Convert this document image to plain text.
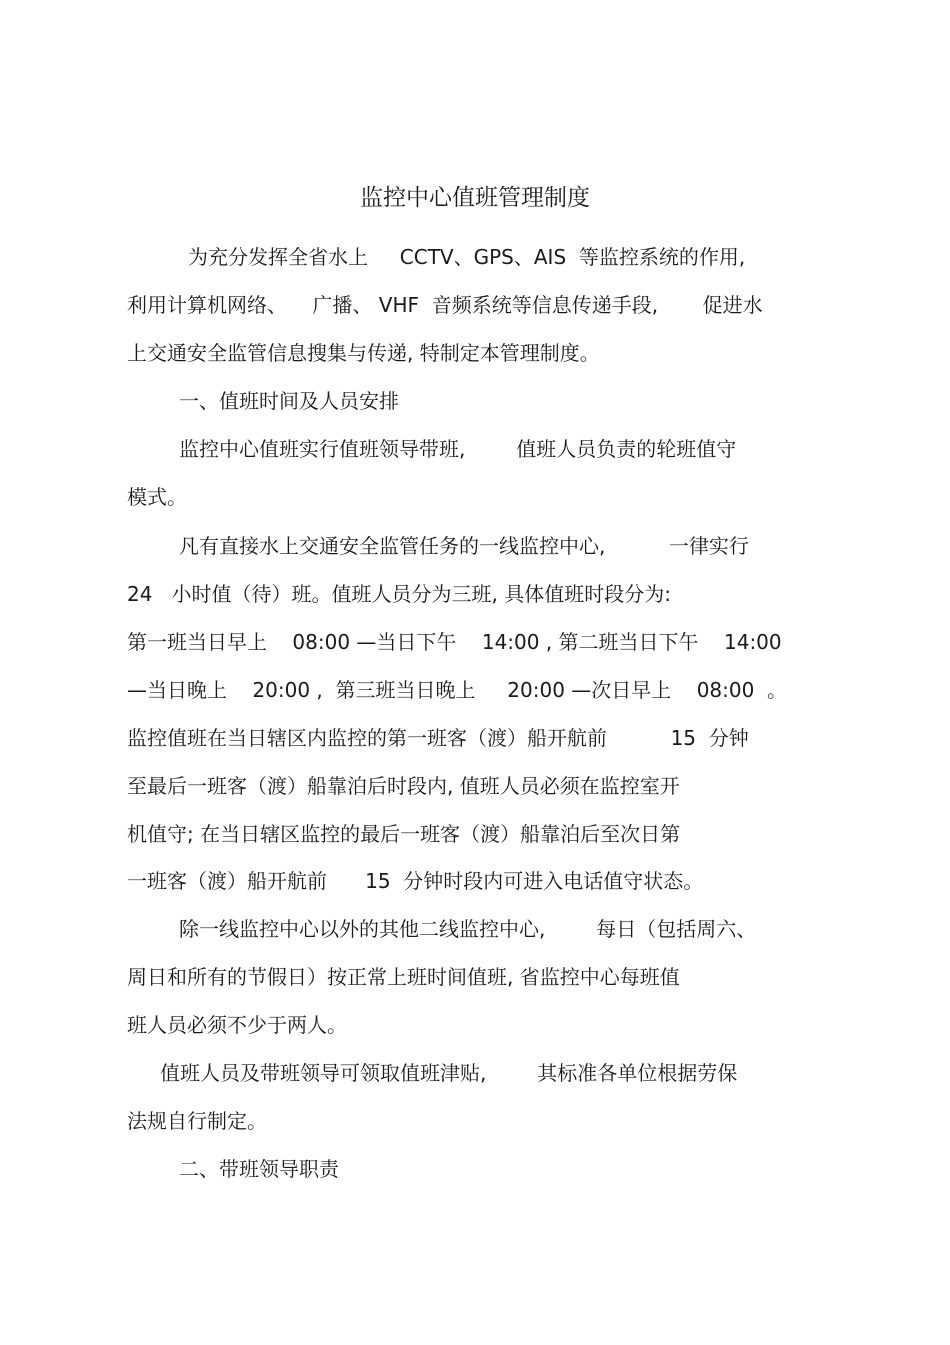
监控中心值班管理制度
为充分发挥全省水上     CCTV、GPS、AIS  等监控系统的作用,
利用计算机网络、    广播、 VHF  音频系统等信息传递手段,       促进水
上交通安全监管信息搜集与传递, 特制定本管理制度。
一、值班时间及人员安排
监控中心值班实行值班领导带班,        值班人员负责的轮班值守
模式。
凡有直接水上交通安全监管任务的一线监控中心,          一律实行
24   小时值（待）班。值班人员分为三班, 具体值班时段分为:
第一班当日早上    08:00 —当日下午    14:00 , 第二班当日下午    14:00
—当日晚上    20:00 ,  第三班当日晚上     20:00 —次日早上    08:00  。
监控值班在当日辖区内监控的第一班客（渡）船开航前          15  分钟
至最后一班客（渡）船靠泊后时段内, 值班人员必须在监控室开
机值守; 在当日辖区监控的最后一班客（渡）船靠泊后至次日第
一班客（渡）船开航前      15  分钟时段内可进入电话值守状态。
除一线监控中心以外的其他二线监控中心,        每日（包括周六、
周日和所有的节假日）按正常上班时间值班, 省监控中心每班值
班人员必须不少于两人。
值班人员及带班领导可领取值班津贴,        其标准各单位根据劳保
法规自行制定。
二、带班领导职责
